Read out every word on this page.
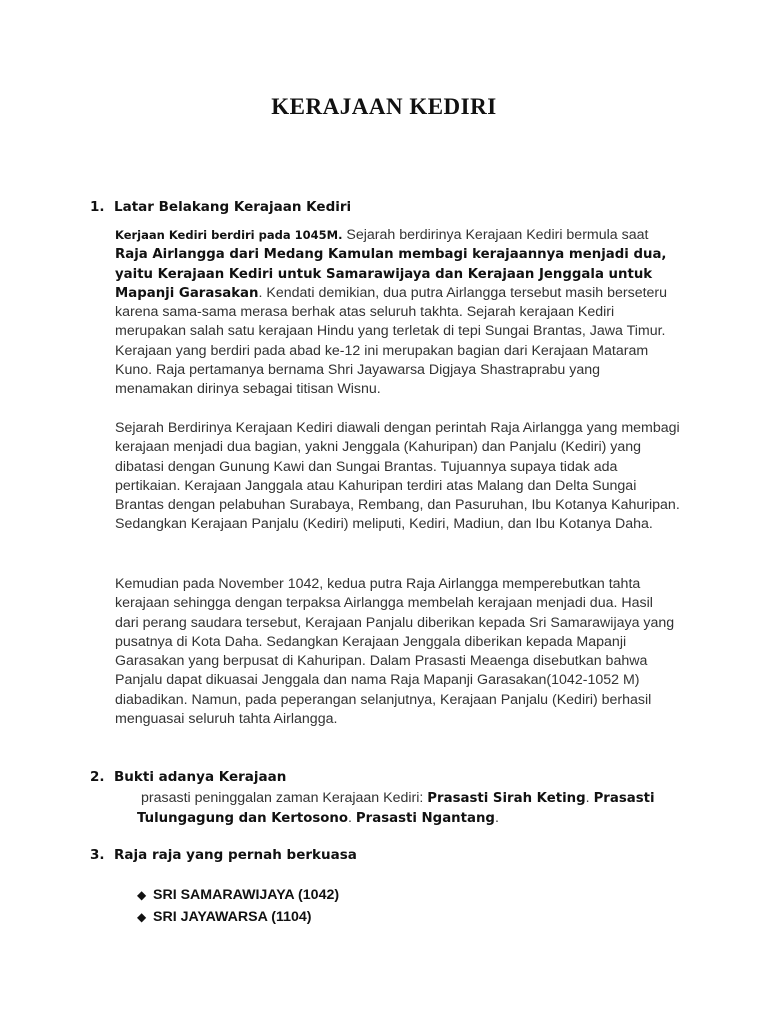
KERAJAAN KEDIRI
1. Latar Belakang Kerajaan Kediri
Kerjaan Kediri berdiri pada 1045M. Sejarah berdirinya Kerajaan Kediri bermula saat Raja Airlangga dari Medang Kamulan membagi kerajaannya menjadi dua, yaitu Kerajaan Kediri untuk Samarawijaya dan Kerajaan Jenggala untuk Mapanji Garasakan. Kendati demikian, dua putra Airlangga tersebut masih berseteru karena sama-sama merasa berhak atas seluruh takhta. Sejarah kerajaan Kediri merupakan salah satu kerajaan Hindu yang terletak di tepi Sungai Brantas, Jawa Timur. Kerajaan yang berdiri pada abad ke-12 ini merupakan bagian dari Kerajaan Mataram Kuno. Raja pertamanya bernama Shri Jayawarsa Digjaya Shastraprabu yang menamakan dirinya sebagai titisan Wisnu.
Sejarah Berdirinya Kerajaan Kediri diawali dengan perintah Raja Airlangga yang membagi kerajaan menjadi dua bagian, yakni Jenggala (Kahuripan) dan Panjalu (Kediri) yang dibatasi dengan Gunung Kawi dan Sungai Brantas. Tujuannya supaya tidak ada pertikaian. Kerajaan Janggala atau Kahuripan terdiri atas Malang dan Delta Sungai Brantas dengan pelabuhan Surabaya, Rembang, dan Pasuruhan, Ibu Kotanya Kahuripan. Sedangkan Kerajaan Panjalu (Kediri) meliputi, Kediri, Madiun, dan Ibu Kotanya Daha.
Kemudian pada November 1042, kedua putra Raja Airlangga memperebutkan tahta kerajaan sehingga dengan terpaksa Airlangga membelah kerajaan menjadi dua. Hasil dari perang saudara tersebut, Kerajaan Panjalu diberikan kepada Sri Samarawijaya yang pusatnya di Kota Daha. Sedangkan Kerajaan Jenggala diberikan kepada Mapanji Garasakan yang berpusat di Kahuripan. Dalam Prasasti Meaenga disebutkan bahwa Panjalu dapat dikuasai Jenggala dan nama Raja Mapanji Garasakan(1042-1052 M) diabadikan. Namun, pada peperangan selanjutnya, Kerajaan Panjalu (Kediri) berhasil menguasai seluruh tahta Airlangga.
2. Bukti adanya Kerajaan
prasasti peninggalan zaman Kerajaan Kediri: Prasasti Sirah Keting. Prasasti Tulungagung dan Kertosono. Prasasti Ngantang.
3. Raja raja yang pernah berkuasa
◆ SRI SAMARAWIJAYA (1042)
◆ SRI JAYAWARSA (1104)
